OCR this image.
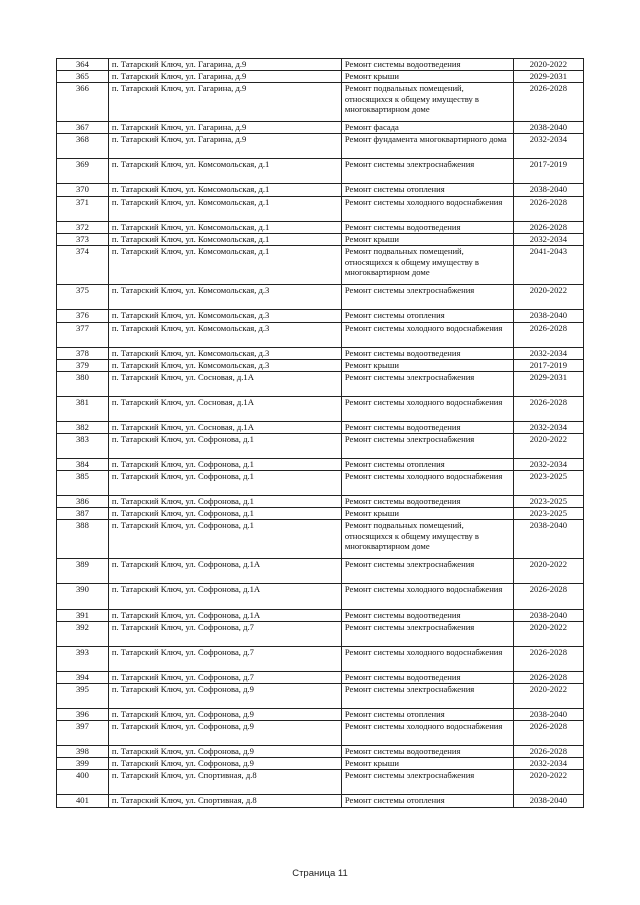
364	п. Татарский Ключ, ул. Гагарина, д.9	Ремонт системы водоотведения	2020-2022
365	п. Татарский Ключ, ул. Гагарина, д.9	Ремонт крыши	2029-2031
366	п. Татарский Ключ, ул. Гагарина, д.9	Ремонт подвальных помещений, относящихся к общему имуществу в многоквартирном доме	2026-2028
367	п. Татарский Ключ, ул. Гагарина, д.9	Ремонт фасада	2038-2040
368	п. Татарский Ключ, ул. Гагарина, д.9	Ремонт фундамента многоквартирного дома	2032-2034
369	п. Татарский Ключ, ул. Комсомольская, д.1	Ремонт системы электроснабжения	2017-2019
370	п. Татарский Ключ, ул. Комсомольская, д.1	Ремонт системы отопления	2038-2040
371	п. Татарский Ключ, ул. Комсомольская, д.1	Ремонт системы холодного водоснабжения	2026-2028
372	п. Татарский Ключ, ул. Комсомольская, д.1	Ремонт системы водоотведения	2026-2028
373	п. Татарский Ключ, ул. Комсомольская, д.1	Ремонт крыши	2032-2034
374	п. Татарский Ключ, ул. Комсомольская, д.1	Ремонт подвальных помещений, относящихся к общему имуществу в многоквартирном доме	2041-2043
375	п. Татарский Ключ, ул. Комсомольская, д.3	Ремонт системы электроснабжения	2020-2022
376	п. Татарский Ключ, ул. Комсомольская, д.3	Ремонт системы отопления	2038-2040
377	п. Татарский Ключ, ул. Комсомольская, д.3	Ремонт системы холодного водоснабжения	2026-2028
378	п. Татарский Ключ, ул. Комсомольская, д.3	Ремонт системы водоотведения	2032-2034
379	п. Татарский Ключ, ул. Комсомольская, д.3	Ремонт крыши	2017-2019
380	п. Татарский Ключ, ул. Сосновая, д.1А	Ремонт системы электроснабжения	2029-2031
381	п. Татарский Ключ, ул. Сосновая, д.1А	Ремонт системы холодного водоснабжения	2026-2028
382	п. Татарский Ключ, ул. Сосновая, д.1А	Ремонт системы водоотведения	2032-2034
383	п. Татарский Ключ, ул. Софронова, д.1	Ремонт системы электроснабжения	2020-2022
384	п. Татарский Ключ, ул. Софронова, д.1	Ремонт системы отопления	2032-2034
385	п. Татарский Ключ, ул. Софронова, д.1	Ремонт системы холодного водоснабжения	2023-2025
386	п. Татарский Ключ, ул. Софронова, д.1	Ремонт системы водоотведения	2023-2025
387	п. Татарский Ключ, ул. Софронова, д.1	Ремонт крыши	2023-2025
388	п. Татарский Ключ, ул. Софронова, д.1	Ремонт подвальных помещений, относящихся к общему имуществу в многоквартирном доме	2038-2040
389	п. Татарский Ключ, ул. Софронова, д.1А	Ремонт системы электроснабжения	2020-2022
390	п. Татарский Ключ, ул. Софронова, д.1А	Ремонт системы холодного водоснабжения	2026-2028
391	п. Татарский Ключ, ул. Софронова, д.1А	Ремонт системы водоотведения	2038-2040
392	п. Татарский Ключ, ул. Софронова, д.7	Ремонт системы электроснабжения	2020-2022
393	п. Татарский Ключ, ул. Софронова, д.7	Ремонт системы холодного водоснабжения	2026-2028
394	п. Татарский Ключ, ул. Софронова, д.7	Ремонт системы водоотведения	2026-2028
395	п. Татарский Ключ, ул. Софронова, д.9	Ремонт системы электроснабжения	2020-2022
396	п. Татарский Ключ, ул. Софронова, д.9	Ремонт системы отопления	2038-2040
397	п. Татарский Ключ, ул. Софронова, д.9	Ремонт системы холодного водоснабжения	2026-2028
398	п. Татарский Ключ, ул. Софронова, д.9	Ремонт системы водоотведения	2026-2028
399	п. Татарский Ключ, ул. Софронова, д.9	Ремонт крыши	2032-2034
400	п. Татарский Ключ, ул. Спортивная, д.8	Ремонт системы электроснабжения	2020-2022
401	п. Татарский Ключ, ул. Спортивная, д.8	Ремонт системы отопления	2038-2040
Страница 11
